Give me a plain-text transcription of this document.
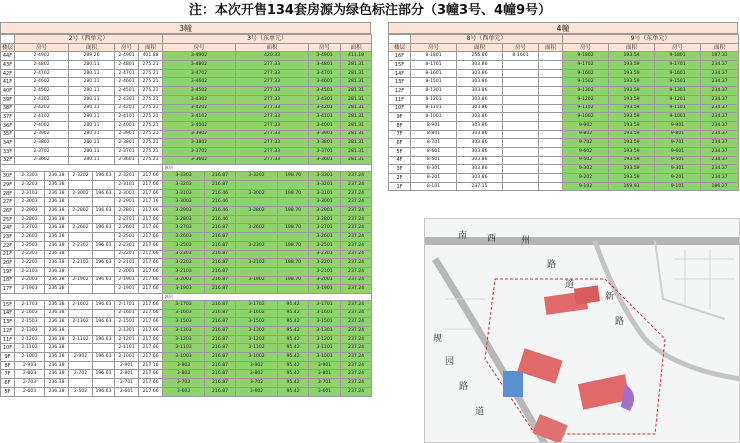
注：本次开售134套房源为绿色标注部分（3幢3号、4幢9号）
3幢
	2号（西单元）						3号（东单元）					
楼层	房号		面积		房号	面积	房号		面积		房号	面积
44F	2-4902		289.26		2-4901	401.88	3-4902		420.33		3-4901	411.18
43F	2-4802		280.11		2-4801	275.21	3-4802		277.33		3-4801	281.31
42F	2-4702		280.11		2-4701	275.21	3-4702		277.33		3-4701	281.31
41F	2-4602		280.11		2-4601	275.21	3-4602		277.33		3-4601	281.31
40F	2-4502		280.11		2-4501	275.21	3-4502		277.33		3-4501	281.31
39F	2-4302		280.11		2-4301	275.21	3-4302		277.33		3-4301	281.31
38F	2-4202		280.11		2-4201	275.21	3-4202		277.33		3-4201	281.31
37F	2-4102		280.11		2-4101	275.21	3-4102		277.33		3-4101	281.31
36F	2-4002		280.11		2-4001	275.21	3-4002		277.33		3-4001	281.31
35F	2-3902		280.11		2-3901	275.21	3-3902		277.33		3-3901	281.31
34F	2-3802		280.11		2-3801	275.21	3-3802		277.33		3-3801	281.31
33F	2-3702		280.11		2-3701	275.21	3-3702		277.33		3-3701	281.31
32F	2-3602		280.11		2-3601	275.21	3-3602		277.33		3-3601	281.31
							跃层					
30F	2-3303	236.38	2-3202	196.63	2-3201	217.66	3-3303	216.87	3-3202	198.70	3-3301	237.24
29F	2-3203	236.38			2-3101	217.66	3-3203	216.87			3-3201	237.24
28F	2-3103	236.38	2-3002	196.63	2-3001	217.66	3-3103	216.46	3-3002	198.70	3-3101	237.24
27F	2-3003	236.38			2-2901	217.16	3-3003	216.46			3-3001	237.24
26F	2-2903	236.38	2-2802	196.63	2-2801	217.66	3-2903	216.46	3-2802	198.70	3-2901	237.24
25F	2-2803	236.38			2-2701	217.66	3-2803	216.46			3-2801	237.24
24F	2-2703	236.38	2-2602	196.63	2-2601	217.66	3-2703	216.87	3-2602	198.70	3-2701	237.24
23F	2-2603	236.38			2-2501	217.66	3-2603	216.87			3-2601	237.24
22F	2-2503	236.38	2-2302	196.63	2-2301	217.66	3-2503	216.87	3-2302	198.70	3-2501	237.24
21F	2-2303	236.38			2-2201	217.66	3-2303	216.87			3-2301	237.24
20F	2-2203	236.38	2-2102	196.63	2-2101	217.66	3-2203	216.87	3-2102	198.70	3-2201	237.24
19F	2-2103	236.38			2-2001	217.66	3-2103	216.87			3-2101	237.24
18F	2-2003	236.38	2-1902	196.63	2-1901	217.66	3-2003	216.87	3-1902	198.70	3-2001	237.24
17F	2-1903	236.38			2-1901	217.66	3-1903	216.87			3-1901	237.24
							跃层					
15F	2-1703	236.38	2-1602	196.63	2-1701	217.66	3-1703	216.87	3-1702	95.42	3-1701	237.24
14F	2-1603	236.38			2-1601	217.66	3-1603	216.87	3-1602	95.42	3-1601	237.24
13F	2-1503	236.38	2-1302	196.63	2-1501	217.66	3-1503	216.87	3-1502	95.42	3-1501	237.24
12F	2-1303	236.38			2-1301	217.66	3-1303	216.87	3-1302	95.42	3-1301	237.24
11F	2-1203	236.38	2-1102	196.63	2-1201	217.66	3-1203	216.87	3-1202	95.42	3-1201	237.24
10F	2-1103	236.38			2-1101	217.66	3-1103	216.87	3-1102	95.42	3-1101	237.24
9F	2-1003	236.38	2-902	196.63	2-1001	217.66	3-1003	216.87	3-1002	95.42	3-1001	237.24
8F	2-903	236.38			2-901	217.16	3-903	216.87	3-902	95.42	3-901	237.24
7F	2-803	236.38	2-702	196.63	2-801	217.66	3-803	216.87	3-802	95.42	3-801	237.24
6F	2-703	236.38			2-701	217.66	3-703	216.87	3-702	95.42	3-701	237.24
5F	2-603	236.38	2-502	196.63	2-601	217.66	3-603	216.87	3-602	95.42	3-601	237.24
4幢
	8号（西单元）				9号（东单元）			
楼层	房号	面积	房号	面积	房号	面积	房号	面积
16F	8-1801	255.86	8-1601		9-1802	193.54	9-1801	187.31
15F	8-1701	303.86			9-1702	193.59	9-1701	234.37
14F	8-1601	303.86			9-1602	193.59	9-1601	234.37
13F	8-1501	303.86			9-1502	193.59	9-1501	234.37
12F	8-1301	303.86			9-1302	193.59	9-1301	234.37
11F	8-1201	303.86			9-1202	193.59	9-1201	234.37
10F	8-1101	303.86			9-1102	193.59	9-1101	234.37
9F	8-1001	303.86			9-1002	193.59	9-1001	234.37
8F	8-901	303.86			9-902	193.59	9-901	234.37
7F	8-801	303.86			9-802	193.59	9-801	234.37
6F	8-701	303.86			9-702	193.59	9-701	234.37
5F	8-601	303.86			9-602	193.59	9-601	234.37
4F	8-501	303.86			9-502	193.59	9-501	234.37
3F	8-301	303.86			9-302	193.59	9-301	234.37
2F	8-201	303.86			9-202	193.59	9-201	234.37
1F	8-101	237.15			9-102	169.93	9-101	186.27
南 西	州
路
道
新
路
规
园
路
道
